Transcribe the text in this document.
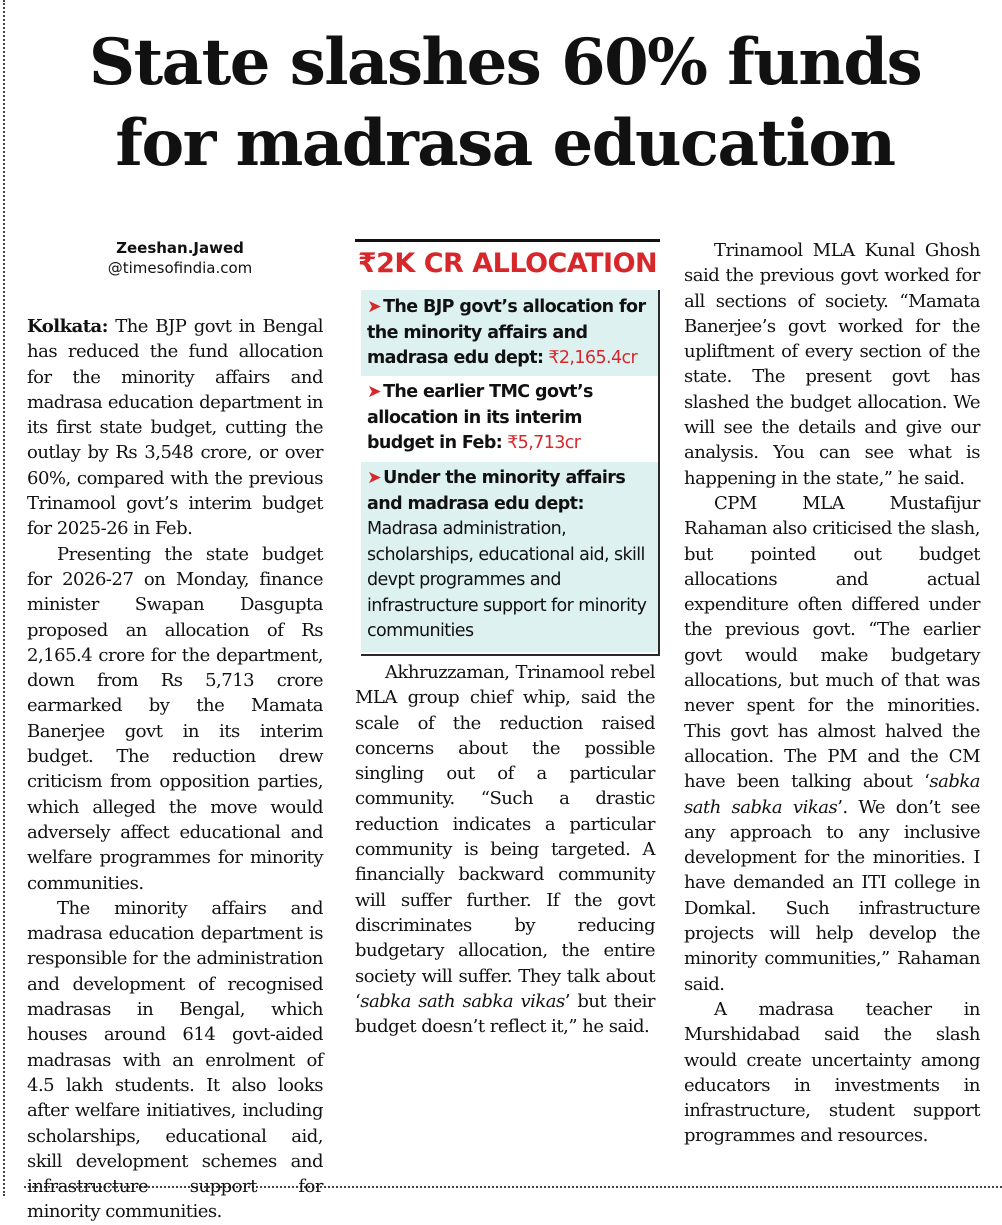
State slashes 60% funds
for madrasa education
Zeeshan.Jawed
@timesofindia.com

Kolkata: The BJP govt in Bengal has reduced the fund allocation for the minority affairs and madrasa education department in its first state budget, cutting the outlay by Rs 3,548 crore, or over 60%, compared with the previous Trinamool govt’s interim budget for 2025-26 in Feb.

Presenting the state budget for 2026-27 on Monday, finance minister Swapan Dasgupta proposed an allocation of Rs 2,165.4 crore for the department, down from Rs 5,713 crore earmarked by the Mamata Banerjee govt in its interim budget. The reduction drew criticism from opposition parties, which alleged the move would adversely affect educational and welfare programmes for minority communities.

The minority affairs and madrasa education department is responsible for the administration and development of recognised madrasas in Bengal, which houses around 614 govt-aided madrasas with an enrolment of 4.5 lakh students. It also looks after welfare initiatives, including scholarships, educational aid, skill development schemes and infrastructure support for minority communities.

₹2K CR ALLOCATION
➤ The BJP govt’s allocation for the minority affairs and madrasa edu dept: ₹2,165.4cr
➤ The earlier TMC govt’s allocation in its interim budget in Feb: ₹5,713cr
➤ Under the minority affairs and madrasa edu dept:
Madrasa administration, scholarships, educational aid, skill devpt programmes and infrastructure support for minority communities

Akhruzzaman, Trinamool rebel MLA group chief whip, said the scale of the reduction raised concerns about the possible singling out of a particular community. “Such a drastic reduction indicates a particular community is being targeted. A financially backward community will suffer further. If the govt discriminates by reducing budgetary allocation, the entire society will suffer. They talk about ‘sabka sath sabka vikas’ but their budget doesn’t reflect it,” he said.

Trinamool MLA Kunal Ghosh said the previous govt worked for all sections of society. “Mamata Banerjee’s govt worked for the upliftment of every section of the state. The present govt has slashed the budget allocation. We will see the details and give our analysis. You can see what is happening in the state,” he said.

CPM MLA Mustafijur Rahaman also criticised the slash, but pointed out budget allocations and actual expenditure often differed under the previous govt. “The earlier govt would make budgetary allocations, but much of that was never spent for the minorities. This govt has almost halved the allocation. The PM and the CM have been talking about ‘sabka sath sabka vikas’. We don’t see any approach to any inclusive development for the minorities. I have demanded an ITI college in Domkal. Such infrastructure projects will help develop the minority communities,” Rahaman said.

A madrasa teacher in Murshidabad said the slash would create uncertainty among educators in investments in infrastructure, student support programmes and resources.
